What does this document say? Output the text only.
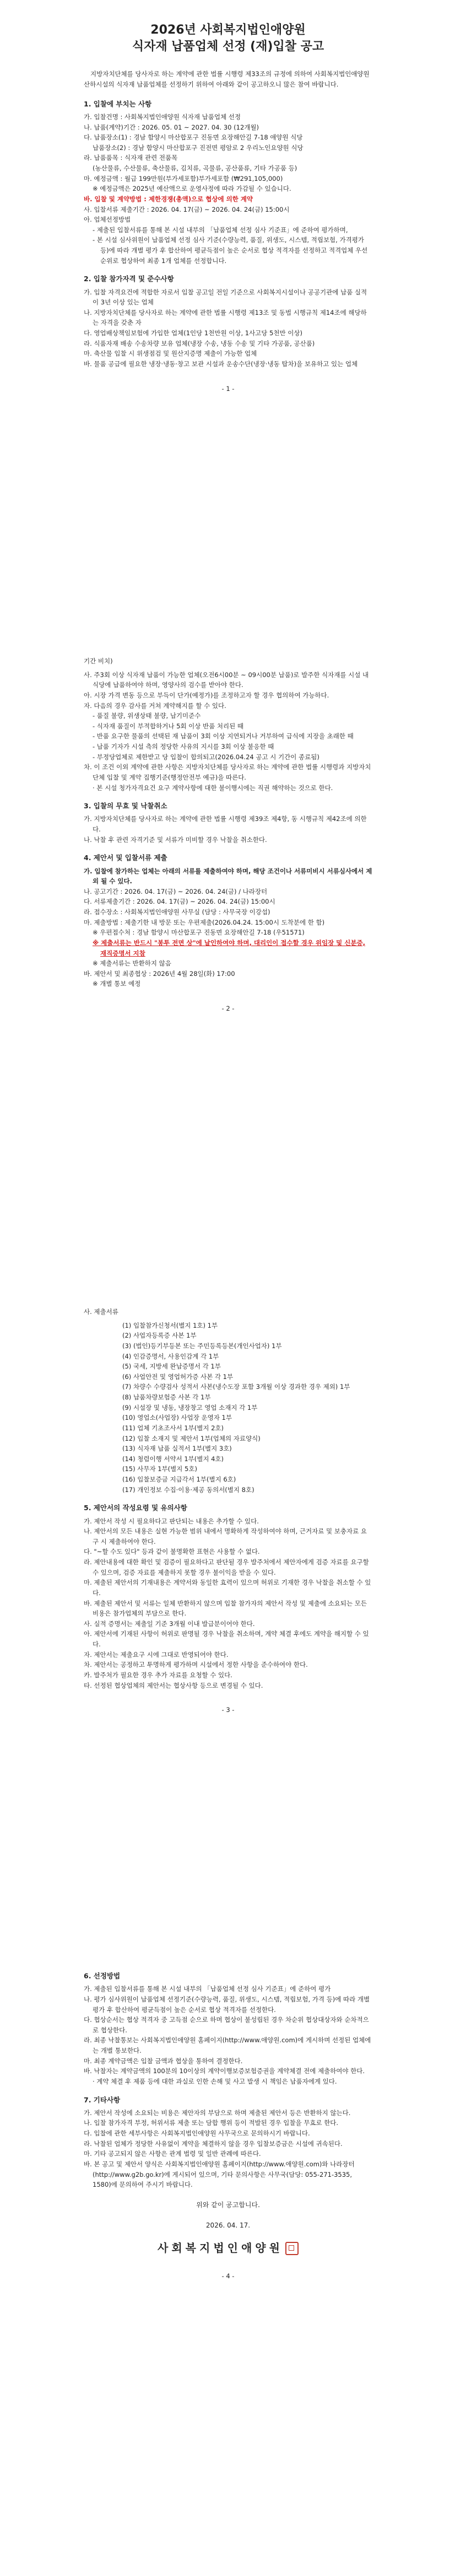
2026년 사회복지법인애양원

식자재 납품업체 선정 (재)입찰 공고

지방자치단체를 당사자로 하는 계약에 관한 법률 시행령 제33조의 규정에 의하여 사회복지법인애양원 산하시설의 식자재 납품업체를 선정하기 위하여 아래와 같이 공고하오니 많은 참여 바랍니다.

1. 입찰에 부치는 사항

가. 입찰건명 : 사회복지법인애양원 식자재 납품업체 선정

나. 납품(계약)기간 : 2026. 05. 01 ~ 2027. 04. 30 (12개월)

다. 납품장소(1) : 경남 함양시 마산합포구 진동면 요장해안길 7-18 애양원 식당

납품장소(2) : 경남 함양시 마산합포구 진전면 평암로 2 우리노인요양원 식당

라. 납품품목 : 식자재 관련 전품목

(농산물류, 수산물류, 축산물류, 김치류, 곡물류, 공산품류, 기타 가공품 등)

마. 예정금액 : 월급 199만원(부가세포함)부가세포함 (₩291,105,000)

※ 예정금액은 2025년 예산액으로 운영사정에 따라 가감될 수 있습니다.

바. 입찰 및 계약방법 : 제한경쟁(총액)으로 협상에 의한 계약

사. 입찰서류 제출기간 : 2026. 04. 17(금) ~ 2026. 04. 24(금) 15:00시

아. 업체선정방법

- 제출된 입찰서류를 통해 본 시설 내부의 「납품업체 선정 심사 기준표」에 준하여 평가하며,

- 본 시설 심사위원이 납품업체 선정 심사 기준(수량능력, 품질, 위생도, 시스템, 적립보험, 가격평가 등)에 따라 개별 평가 후 합산하여 평균득점이 높은 순서로 협상 적격자를 선정하고 적격업체 우선순위로 협상하여 최종 1개 업체를 선정합니다.

2. 입찰 참가자격 및 준수사항

가. 입찰 자격요건에 적합한 자로서 입찰 공고일 전일 기준으로 사회복지시설이나 공공기관에 납품 실적이 3년 이상 있는 업체

나. 지방자치단체를 당사자로 하는 계약에 관한 법률 시행령 제13조 및 동법 시행규칙 제14조에 해당하는 자격을 갖춘 자

다. 영업배상책임보험에 가입한 업체(1인당 1천만원 이상, 1사고당 5천만 이상)

라. 식품자재 배송 수송차량 보유 업체(냉장 수송, 냉동 수송 및 기타 가공품, 공산품)

마. 축산물 입찰 시 위생점검 및 원산지증명 제출이 가능한 업체

바. 물품 공급에 필요한 냉장·냉동·창고 보관 시설과 운송수단(냉장·냉동 탑차)을 보유하고 있는 업체

- 1 -

기간 비치)

사. 주3회 이상 식자재 납품이 가능한 업체(오전6시00분 ~ 09시00분 납품)로 발주한 식자재를 시설 내 식당에 납품하여야 하며, 영양사의 검수를 받아야 한다.

아. 시장 가격 변동 등으로 부득이 단가(예정가)를 조정하고자 할 경우 협의하여 가능하다.

자. 다음의 경우 감사를 거쳐 계약해지를 할 수 있다.

- 품질 불량, 위생상태 불량, 납기미준수

- 식자재 품질이 부적합하거나 5회 이상 반품 처리된 때

- 반품 요구한 물품의 선택된 재 납품이 3회 이상 지연되거나 거부하여 급식에 지장을 초래한 때

- 납품 기자가 시설 측의 정당한 사유의 지시를 3회 이상 불응한 때

- 부정당업체로 제한받고 당 입찰이 합의되고(2026.04.24 공고 시 기간이 종료됨)

차. 이 조건 이외 계약에 관한 사항은 지방자치단체를 당사자로 하는 계약에 관한 법률 시행령과 지방자치단체 입찰 및 계약 집행기준(행정안전부 예규)을 따른다.

· 본 시설 청가자격요건 요구 계약사항에 대한 불이행시에는 직권 해약하는 것으로 한다.

3. 입찰의 무효 및 낙찰취소

가. 지방자치단체를 당사자로 하는 계약에 관한 법률 시행령 제39조 제4항, 동 시행규칙 제42조에 의한다.

나. 낙찰 후 관련 자격기준 및 서류가 미비할 경우 낙찰을 취소한다.

4. 제안서 및 입찰서류 제출

가. 입찰에 참가하는 업체는 아래의 서류를 제출하여야 하며, 해당 조건이나 서류미비시 서류심사에서 제외 될 수 있다.

나. 공고기간 : 2026. 04. 17(금) ~ 2026. 04. 24(금) / 나라장터

다. 서류제출기간 : 2026. 04. 17(금) ~ 2026. 04. 24(금) 15:00시

라. 접수장소 : 사회복지법인애양원 사무실 (담당 : 사무국장 이강섭)

마. 제출방법 : 제출기한 내 방문 또는 우편제출(2026.04.24. 15:00시 도착분에 한 함)

※ 우편접수처 : 경남 함양시 마산합포구 진동면 요장해안길 7-18 (우51571)

※ 제출서류는 반드시 "봉투 전면 상"에 날인하여야 하며, 대리인이 접수할 경우 위임장 및 신분증, 재직증명서 지참

※ 제출서류는 반환하지 않음

바. 제안서 및 최종협상 : 2026년 4월 28일(화) 17:00

※ 개별 통보 예정

- 2 -

사. 제출서류

(1) 입찰참가신청서(별지 1호) 1부

(2) 사업자등록증 사본 1부

(3) (법인)등기부등본 또는 주민등록등본(개인사업자) 1부

(4) 인감증명서, 사용인감계 각 1부

(5) 국세, 지방세 완납증명서 각 1부

(6) 사업안전 및 영업허가증 사본 각 1부

(7) 차량수 수량검사 성적서 사본(냉수도장 포함 3개월 이상 경과한 경우 제외) 1부

(8) 납품차량보험증 사본 각 1부

(9) 시설장 및 냉동, 냉장창고 영업 소재지 각 1부

(10) 영업소(사업장) 사업장 운영자 1부

(11) 업체 기초조사서 1부(별지 2호)

(12) 입찰 소재지 및 제안서 1부(업체의 자료양식)

(13) 식자재 납품 실적서 1부(별지 3호)

(14) 청렴이행 서약서 1부(별지 4호)

(15) 사무자 1부(별지 5호)

(16) 입찰보증금 지급각서 1부(별지 6호)

(17) 개인정보 수집·이용·제공 동의서(별지 8호)

5. 제안서의 작성요령 및 유의사항

가. 제안서 작성 시 필요하다고 판단되는 내용은 추가할 수 있다.

나. 제안서의 모든 내용은 실현 가능한 범위 내에서 명확하게 작성하여야 하며, 근거자료 및 보충자료 요구 시 제출하여야 한다.

다. "~할 수도 있다" 등과 같이 불명확한 표현은 사용할 수 없다.

라. 제안내용에 대한 확인 및 검증이 필요하다고 판단될 경우 발주처에서 제안자에게 검증 자료를 요구할 수 있으며, 검증 자료를 제출하지 못할 경우 불이익을 받을 수 있다.

마. 제출된 제안서의 기재내용은 계약서와 동일한 효력이 있으며 허위로 기재한 경우 낙찰을 취소할 수 있다.

바. 제출된 제안서 및 서류는 일체 반환하지 않으며 입찰 참가자의 제안서 작성 및 제출에 소요되는 모든 비용은 참가업체의 부담으로 한다.

사. 실적 증명서는 제출일 기준 3개월 이내 발급분이어야 한다.

아. 제안서에 기재된 사항이 허위로 판명될 경우 낙찰을 취소하며, 계약 체결 후에도 계약을 해지할 수 있다.

자. 제안서는 제출요구 시에 그대로 반영되어야 한다.

차. 제안서는 공정하고 투명하게 평가하며 시설에서 정한 사항을 준수하여야 한다.

카. 발주처가 필요한 경우 추가 자료를 요청할 수 있다.

타. 선정된 협상업체의 제안서는 협상사항 등으로 변경될 수 있다.

- 3 -

6. 선정방법

가. 제출된 입찰서류를 통해 본 시설 내부의 「납품업체 선정 심사 기준표」에 준하여 평가

나. 평가 심사위원이 납품업체 선정기준(수량능력, 품질, 위생도, 시스템, 적립보험, 가격 등)에 따라 개별 평가 후 합산하여 평균득점이 높은 순서로 협상 적격자를 선정한다.

다. 협상순서는 협상 적격자 중 고득점 순으로 하며 협상이 불성립된 경우 차순위 협상대상자와 순차적으로 협상한다.

라. 최종 낙찰통보는 사회복지법인애양원 홈페이지(http://www.애양원.com)에 게시하며 선정된 업체에는 개별 통보한다.

마. 최종 계약금액은 입찰 금액과 협상을 통하여 결정한다.

바. 낙찰자는 계약금액의 100분의 10이상의 계약이행보증보험증권을 계약체결 전에 제출하여야 한다.

· 계약 체결 후 제품 등에 대한 과실로 인한 손해 및 사고 발생 시 책임은 납품자에게 있다.

7. 기타사항

가. 제안서 작성에 소요되는 비용은 제안자의 부담으로 하며 제출된 제안서 등은 반환하지 않는다.

나. 입찰 참가자격 부정, 허위서류 제출 또는 담합 행위 등이 적발된 경우 입찰을 무효로 한다.

다. 입찰에 관한 세부사항은 사회복지법인애양원 사무국으로 문의하시기 바랍니다.

라. 낙찰된 업체가 정당한 사유없이 계약을 체결하지 않을 경우 입찰보증금은 시설에 귀속된다.

마. 기타 공고되지 않은 사항은 관계 법령 및 일반 관례에 따른다.

바. 본 공고 및 제안서 양식은 사회복지법인애양원 홈페이지(http://www.애양원.com)와 나라장터(http://www.g2b.go.kr)에 게시되어 있으며, 기타 문의사항은 사무국(담당: 055-271-3535, 1580)에 문의하여 주시기 바랍니다.

위와 같이 공고합니다.

2026. 04. 17.

사회복지법인애양원

- 4 -
